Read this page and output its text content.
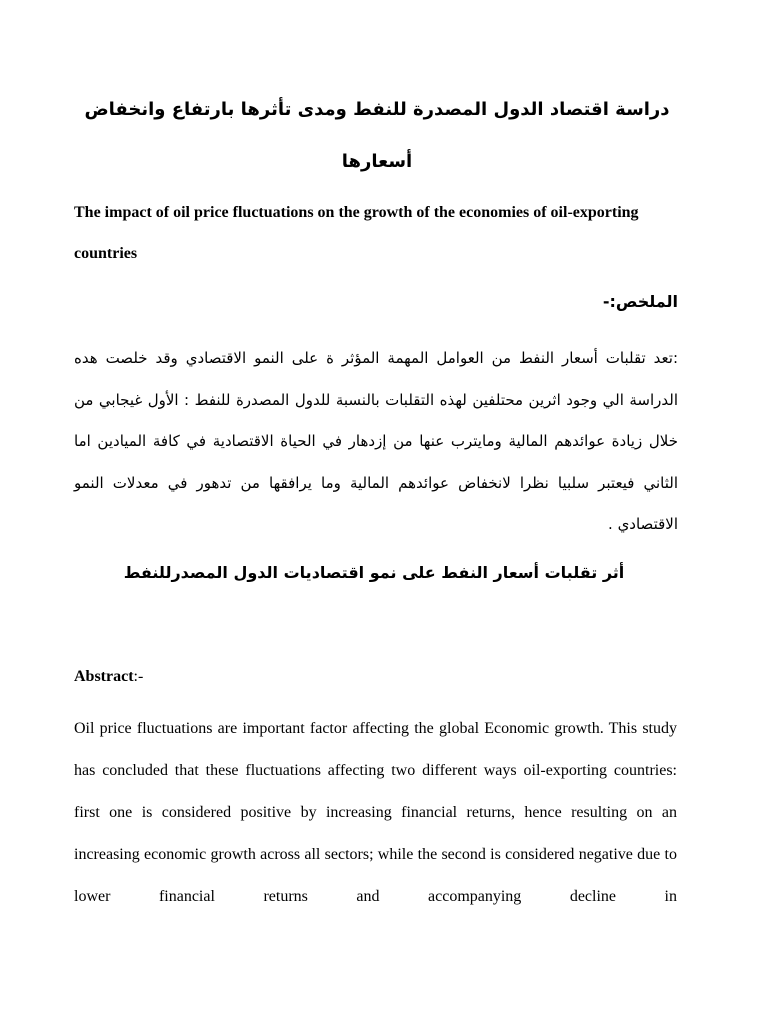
دراسة اقتصاد الدول المصدرة للنفط ومدى تأثرها بارتفاع وانخفاض أسعارها
The impact of oil price fluctuations on the growth of the economies of oil-exporting countries
الملخص:-
:تعد تقلبات أسعار النفط من العوامل المهمة المؤثر ة على النمو الاقتصادي وقد خلصت هده الدراسة الي وجود اثرين محتلفين لهذه التقلبات بالنسبة للدول المصدرة للنفط : الأول غيجابي من خلال زيادة عوائدهم المالية ومايترب عنها من إزدهار في الحياة الاقتصادية في كافة الميادين اما الثاني فيعتبر سلبيا نظرا لانخفاض عوائدهم المالية وما يرافقها من تدهور في معدلات النمو الاقتصادي .
أثر تقلبات أسعار النفط على نمو اقتصاديات الدول المصدرللنفط
Abstract:-
Oil price fluctuations are important factor affecting the global Economic growth. This study has concluded that these fluctuations affecting two different ways oil-exporting countries: first one is considered positive by increasing financial returns, hence resulting on an increasing economic growth across all sectors; while the second is considered negative due to lower financial returns and accompanying decline in
